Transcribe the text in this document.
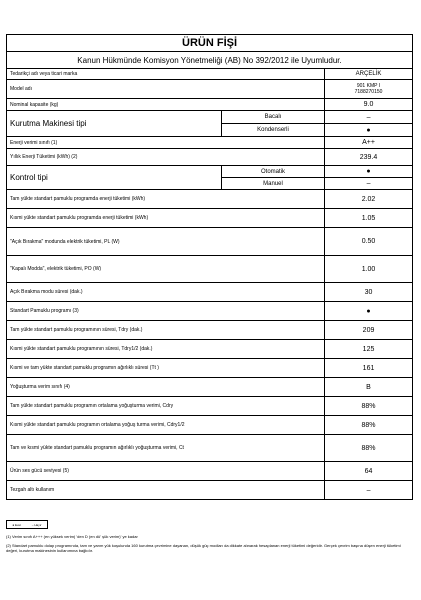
ÜRÜN FİŞİ		
Kanun Hükmünde Komisyon Yönetmeliği (AB) No 392/2012 ile Uyumludur.		
Tedarikçi adı veya ticari marka		ARÇELİK
Model adı		901 KMP I
7188270150

Nominal kapasite (kg)		9.0
Kurutma Makinesi tipi	Bacalı	–
	Kondenserli	●
Enerji verimi sınıfı (1)		A++
Yıllık Enerji Tüketimi (kWh) (2)		239.4
Kontrol tipi	Otomatik	●
	Manuel	–
Tam yükte standart pamuklu programda enerji tüketimi (kWh)		2.02
Kısmi yükte standart pamuklu programda enerji tüketimi (kWh)		1.05
"Açık Bırakma" modunda elektrik tüketimi, PL (W)		0.50
"Kapalı Modda", elektrik tüketimi, PO (W)		1.00
Açık Bırakma modu süresi (dak.)		30
Standart Pamuklu programı (3)		●
Tam yükte standart pamuklu programının süresi, Tdry (dak.)		209
Kısmi yükte standart pamuklu programının süresi, Tdry1/2 (dak.)		125
Kısmi ve tam yükte standart pamuklu programın ağırlıklı süresi (Tt )		161
Yoğuşturma verim sınıfı (4)		B
Tam yükte standart pamuklu programın ortalama yoğuşturma verimi, Cdry		88%
Kısmi yükte standart pamuklu programın ortalama yoğuş turma verimi, Cdry1/2		88%
Tam ve kısmi yükte standart pamuklu programın ağırlıklı yoğuşturma verimi, Ct		88%
Ürün ses gücü seviyesi (5)		64
Tezgah altı kullanım		–
● Evet	– Hayır

(1) Verim sınıfı A+++ (en yüksek verim) 'den D (en dü' şük verim)' ye kadar

(2) Standart pamuklu dolap programında, tam ve yarım yük koşulunda 160 kurutma çevrimine dayanan, düşük güç modları da dikkate alınarak hesaplanan enerji tüketimi değeridir. Gerçek çevrim başına düşen enerji tüketimi değeri, kurutma makinesinin kullanımına bağlıdır.
